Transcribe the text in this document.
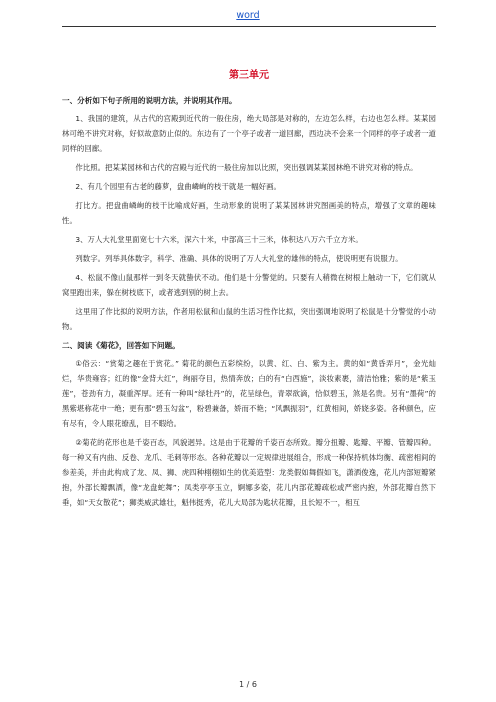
word
第三单元
一、分析如下句子所用的说明方法，并说明其作用。

1、我国的建筑，从古代的宫殿到近代的一般住房，绝大局部是对称的，左边怎么样，右边也怎么样。某某园林可绝不讲究对称，好似故意防止似的。东边有了一个亭子或者一道回廊，西边决不会来一个同样的亭子或者一道同样的回廊。

作比照。把某某园林和古代的宫殿与近代的一般住房加以比照，突出强调某某园林绝不讲究对称的特点。

2、有几个园里有古老的藤萝，盘曲嶙峋的枝干就是一幅好画。

打比方。把盘曲嶙峋的枝干比喻成好画，生动形象的说明了某某园林讲究图画美的特点，增强了文章的趣味性。

3、万人大礼堂里面宽七十六米，深六十米，中部高三十三米，体积达八万六千立方米。

列数字。列举具体数字，科学、准确、具体的说明了万人大礼堂的雄伟的特点，使说明更有说服力。

4、松鼠不像山鼠那样一到冬天就蛰伏不动。他们是十分警觉的。只要有人稍微在树根上触动一下，它们就从窝里跑出来，躲在树枝底下，或者逃到别的树上去。

这里用了作比拟的说明方法，作者用松鼠和山鼠的生活习性作比拟，突出强调地说明了松鼠是十分警觉的小动物。

二、阅读《菊花》，回答如下问题。

①俗云：“赏菊之趣在于赏花。” 菊花的颜色五彩缤纷，以黄、红、白、紫为主。黄的如“黄昏弄月”，金光灿烂，华贵雍容；红的像“金背大红”，绚丽夺目，热情奔放；白的有“白西施”，淡妆素裹，清洁怡雅；紫的是“紫玉莲”，苍劲有力，凝重浑厚。还有一种叫“绿牡丹”的，花呈绿色，青翠欲滴，恰似碧玉，煞是名贵。另有“墨荷”的黑紫堪称花中一绝；更有那“碧玉勾盆”，粉碧兼备，娇而不艳；“风飘振羽”，红黄相间，娇娆多姿。各种颜色，应有尽有，令人眼花缭乱，目不暇给。

②菊花的花形也是千姿百态，风貌迥异。这是由于花瓣的千姿百态所致。瓣分扭瓣、匙瓣、平瓣、管瓣四种。每一种又有内曲、反卷、龙爪、毛刺等形态。各种花瓣以一定规律进展组合，形成一种保持机体均衡、疏密相间的参差美，并由此构成了龙、凤、狮、虎四种栩栩如生的优美造型：龙类假如舞假如飞，潇洒俊逸，花儿内部短瓣紧抱，外部长瓣飘洒，像“龙盘蛇舞”；凤类亭亭玉立，婀娜多姿，花儿内部花瓣疏松或严密内抱，外部花瓣自然下垂，如“天女散花”；狮类威武雄壮，魁伟挺秀，花儿大局部为匙状花瓣，且长短不一，相互

1 / 6
